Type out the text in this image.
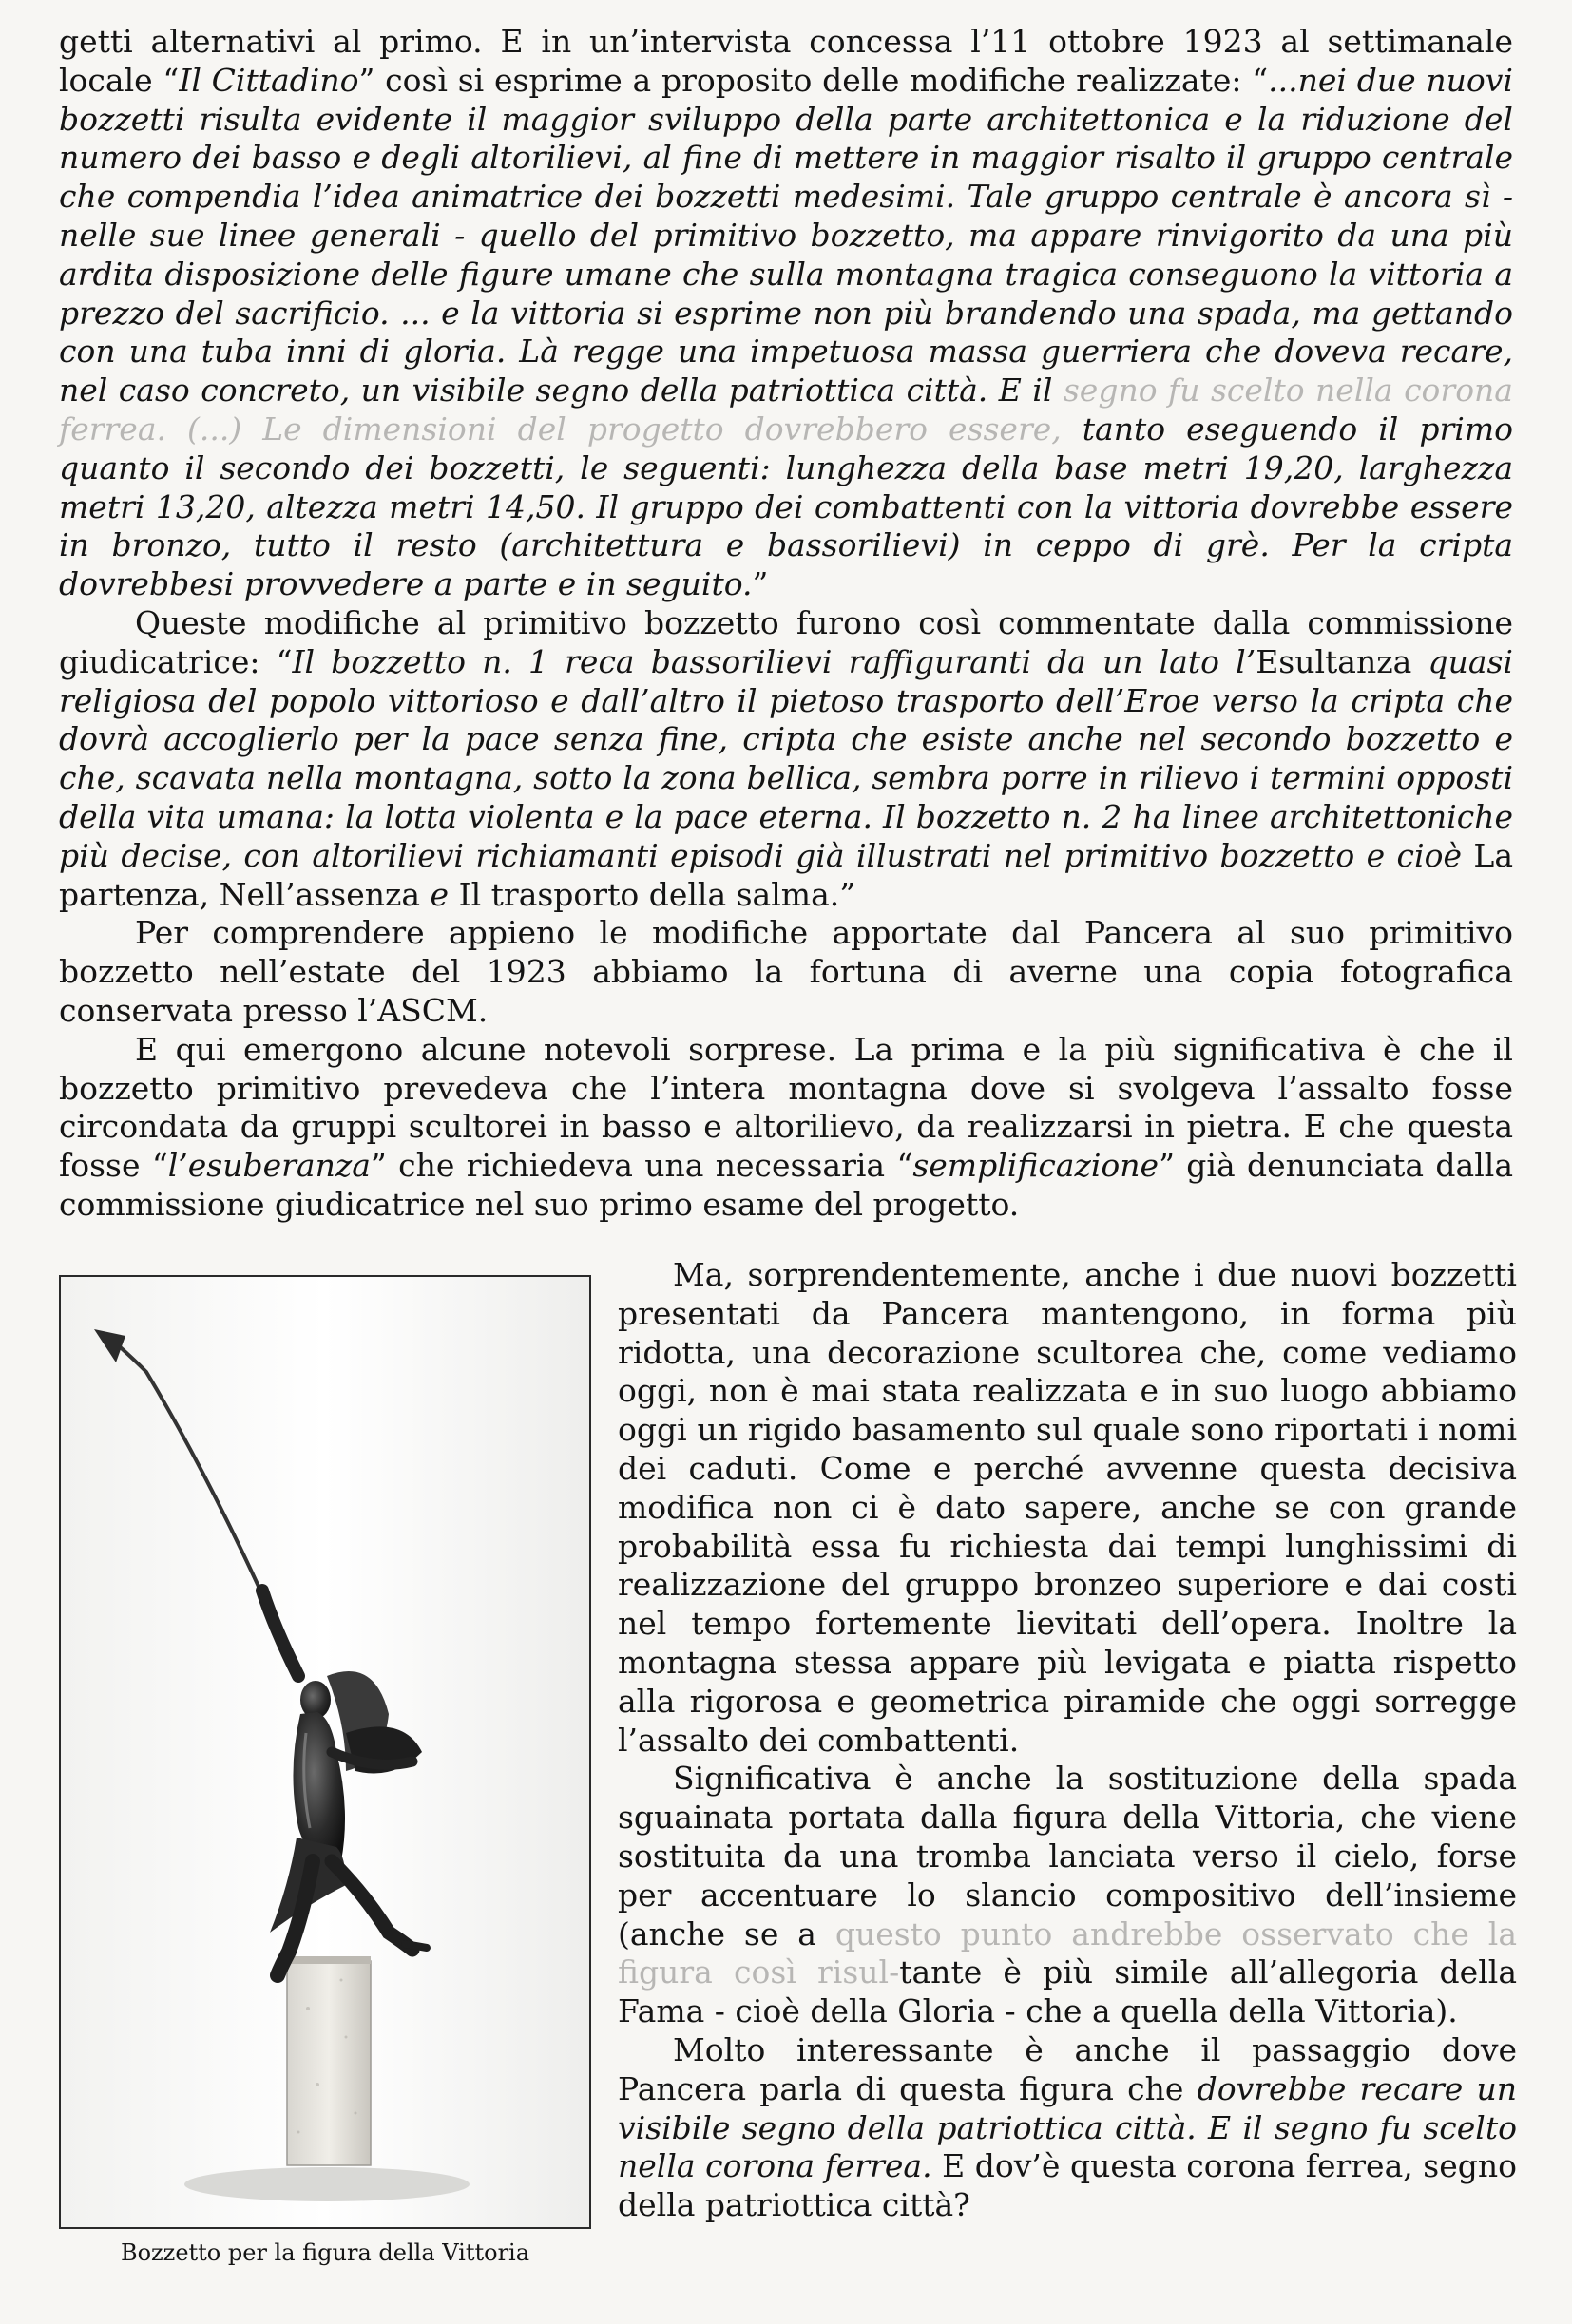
getti alternativi al primo. E in un’intervista concessa l’11 ottobre 1923 al settimanale locale “Il Cittadino” così si esprime a proposito delle modifiche realizzate: “...nei due nuovi bozzetti risulta evidente il maggior sviluppo della parte architettonica e la riduzione del numero dei basso e degli altorilievi, al fine di mettere in maggior risalto il gruppo centrale che compendia l’idea animatrice dei bozzetti medesimi. Tale gruppo centrale è ancora sì -nelle sue linee generali - quello del primitivo bozzetto, ma appare rinvigorito da una più ardita disposizione delle figure umane che sulla montagna tragica conseguono la vittoria a prezzo del sacrificio. ... e la vittoria si esprime non più brandendo una spada, ma gettando con una tuba inni di gloria. Là regge una impetuosa massa guerriera che doveva recare, nel caso concreto, un visibile segno della patriottica città. E il segno fu scelto nella corona ferrea. (...) Le dimensioni del progetto dovrebbero essere, tanto eseguendo il primo quanto il secondo dei bozzetti, le seguenti: lunghezza della base metri 19,20, larghezza metri 13,20, altezza metri 14,50. Il gruppo dei combattenti con la vittoria dovrebbe essere in bronzo, tutto il resto (architettura e bassorilievi) in ceppo di grè. Per la cripta dovrebbesi provvedere a parte e in seguito.”

Queste modifiche al primitivo bozzetto furono così commentate dalla commissione giudicatrice: “Il bozzetto n. 1 reca bassorilievi raffiguranti da un lato l’Esultanza quasi religiosa del popolo vittorioso e dall’altro il pietoso trasporto dell’Eroe verso la cripta che dovrà accoglierlo per la pace senza fine, cripta che esiste anche nel secondo bozzetto e che, scavata nella montagna, sotto la zona bellica, sembra porre in rilievo i termini opposti della vita umana: la lotta violenta e la pace eterna. Il bozzetto n. 2 ha linee architettoniche più decise, con altorilievi richiamanti episodi già illustrati nel primitivo bozzetto e cioè La partenza, Nell’assenza e Il trasporto della salma.”

Per comprendere appieno le modifiche apportate dal Pancera al suo primitivo bozzetto nell’estate del 1923 abbiamo la fortuna di averne una copia fotografica conservata presso l’ASCM.

E qui emergono alcune notevoli sorprese. La prima e la più significativa è che il bozzetto primitivo prevedeva che l’intera montagna dove si svolgeva l’assalto fosse circondata da gruppi scultorei in basso e altorilievo, da realizzarsi in pietra. E che questa fosse “l’esuberanza” che richiedeva una necessaria “semplificazione” già denunciata dalla commissione giudicatrice nel suo primo esame del progetto.

Bozzetto per la figura della Vittoria

Ma, sorprendentemente, anche i due nuovi bozzetti presentati da Pancera mantengono, in forma più ridotta, una decorazione scultorea che, come vediamo oggi, non è mai stata realizzata e in suo luogo abbiamo oggi un rigido basamento sul quale sono riportati i nomi dei caduti. Come e perché avvenne questa decisiva modifica non ci è dato sapere, anche se con grande probabilità essa fu richiesta dai tempi lunghissimi di realizzazione del gruppo bronzeo superiore e dai costi nel tempo fortemente lievitati dell’opera. Inoltre la montagna stessa appare più levigata e piatta rispetto alla rigorosa e geometrica piramide che oggi sorregge l’assalto dei combattenti.

Significativa è anche la sostituzione della spada sguainata portata dalla figura della Vittoria, che viene sostituita da una tromba lanciata verso il cielo, forse per accentuare lo slancio compositivo dell’insieme (anche se a questo punto andrebbe osservato che la figura così risul-tante è più simile all’allegoria della Fama - cioè della Gloria - che a quella della Vittoria).

Molto interessante è anche il passaggio dove Pancera parla di questa figura che dovrebbe recare un visibile segno della patriottica città. E il segno fu scelto nella corona ferrea. E dov’è questa corona ferrea, segno della patriottica città?
